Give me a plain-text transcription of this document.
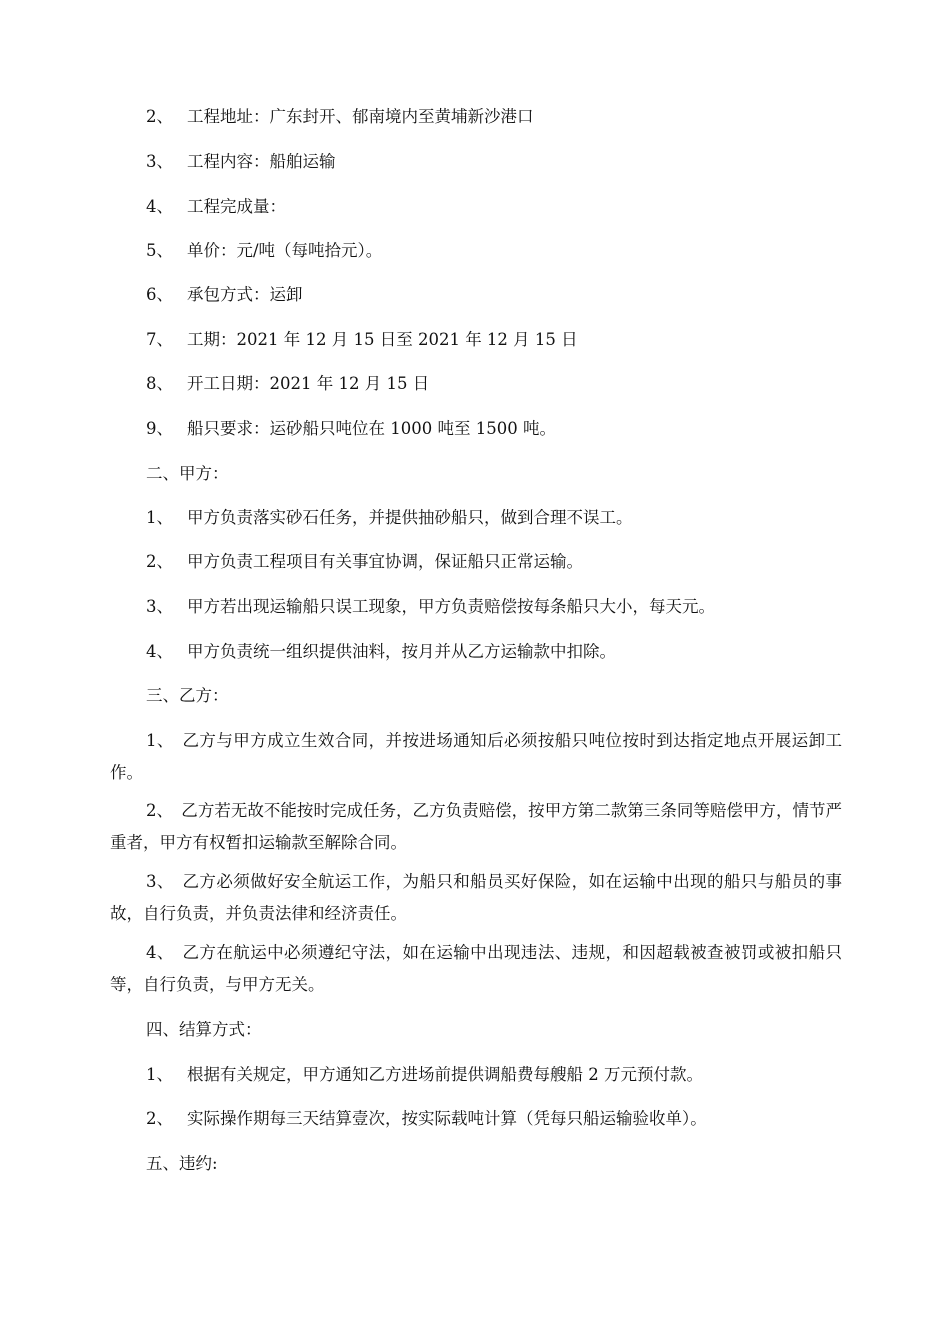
2、 工程地址：广东封开、郁南境内至黄埔新沙港口
3、 工程内容：船舶运输
4、 工程完成量：
5、 单价：元/吨（每吨拾元）。
6、 承包方式：运卸
7、 工期：2021 年 12 月 15 日至 2021 年 12 月 15 日
8、 开工日期：2021 年 12 月 15 日
9、 船只要求：运砂船只吨位在 1000 吨至 1500 吨。
二、甲方：
1、 甲方负责落实砂石任务，并提供抽砂船只，做到合理不误工。
2、 甲方负责工程项目有关事宜协调，保证船只正常运输。
3、 甲方若出现运输船只误工现象，甲方负责赔偿按每条船只大小，每天元。
4、 甲方负责统一组织提供油料，按月并从乙方运输款中扣除。
三、乙方：
1、　乙方与甲方成立生效合同，并按进场通知后必须按船只吨位按时到达指定地点开展运卸工作。
2、　乙方若无故不能按时完成任务，乙方负责赔偿，按甲方第二款第三条同等赔偿甲方，情节严重者，甲方有权暂扣运输款至解除合同。
3、　乙方必须做好安全航运工作，为船只和船员买好保险，如在运输中出现的船只与船员的事故，自行负责，并负责法律和经济责任。
4、　乙方在航运中必须遵纪守法，如在运输中出现违法、违规，和因超载被查被罚或被扣船只等，自行负责，与甲方无关。
四、结算方式：
1、 根据有关规定，甲方通知乙方进场前提供调船费每艘船 2 万元预付款。
2、 实际操作期每三天结算壹次，按实际载吨计算（凭每只船运输验收单）。
五、违约:
